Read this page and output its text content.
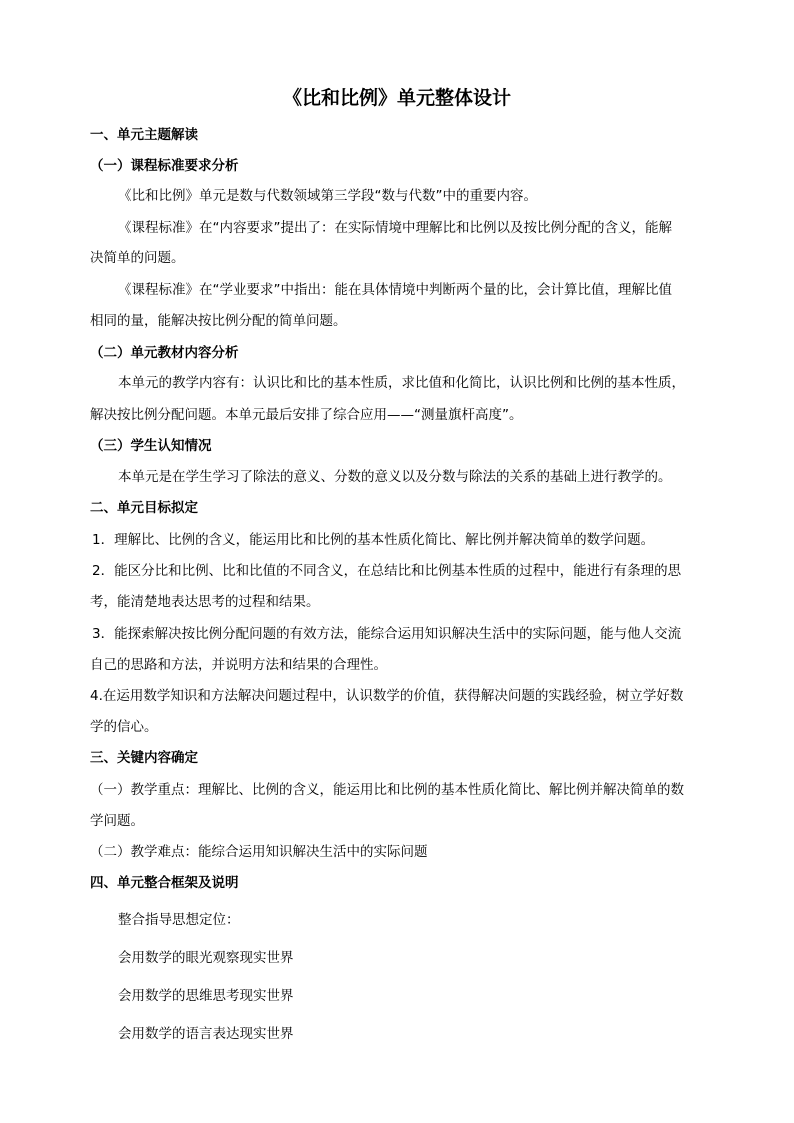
《比和比例》单元整体设计
一、单元主题解读
（一）课程标准要求分析
《比和比例》单元是数与代数领域第三学段“数与代数”中的重要内容。
《课程标准》在“内容要求”提出了：在实际情境中理解比和比例以及按比例分配的含义，能解
决简单的问题。
《课程标准》在“学业要求”中指出：能在具体情境中判断两个量的比，会计算比值，理解比值
相同的量，能解决按比例分配的简单问题。
（二）单元教材内容分析
本单元的教学内容有：认识比和比的基本性质，求比值和化简比，认识比例和比例的基本性质，
解决按比例分配问题。本单元最后安排了综合应用——“测量旗杆高度”。
（三）学生认知情况
本单元是在学生学习了除法的意义、分数的意义以及分数与除法的关系的基础上进行教学的。
二、单元目标拟定
1．理解比、比例的含义，能运用比和比例的基本性质化简比、解比例并解决简单的数学问题。
2．能区分比和比例、比和比值的不同含义，在总结比和比例基本性质的过程中，能进行有条理的思
考，能清楚地表达思考的过程和结果。
3．能探索解决按比例分配问题的有效方法，能综合运用知识解决生活中的实际问题，能与他人交流
自己的思路和方法，并说明方法和结果的合理性。
4.在运用数学知识和方法解决问题过程中，认识数学的价值，获得解决问题的实践经验，树立学好数
学的信心。
三、关键内容确定
（一）教学重点：理解比、比例的含义，能运用比和比例的基本性质化简比、解比例并解决简单的数
学问题。
（二）教学难点：能综合运用知识解决生活中的实际问题
四、单元整合框架及说明
整合指导思想定位：
会用数学的眼光观察现实世界
会用数学的思维思考现实世界
会用数学的语言表达现实世界
